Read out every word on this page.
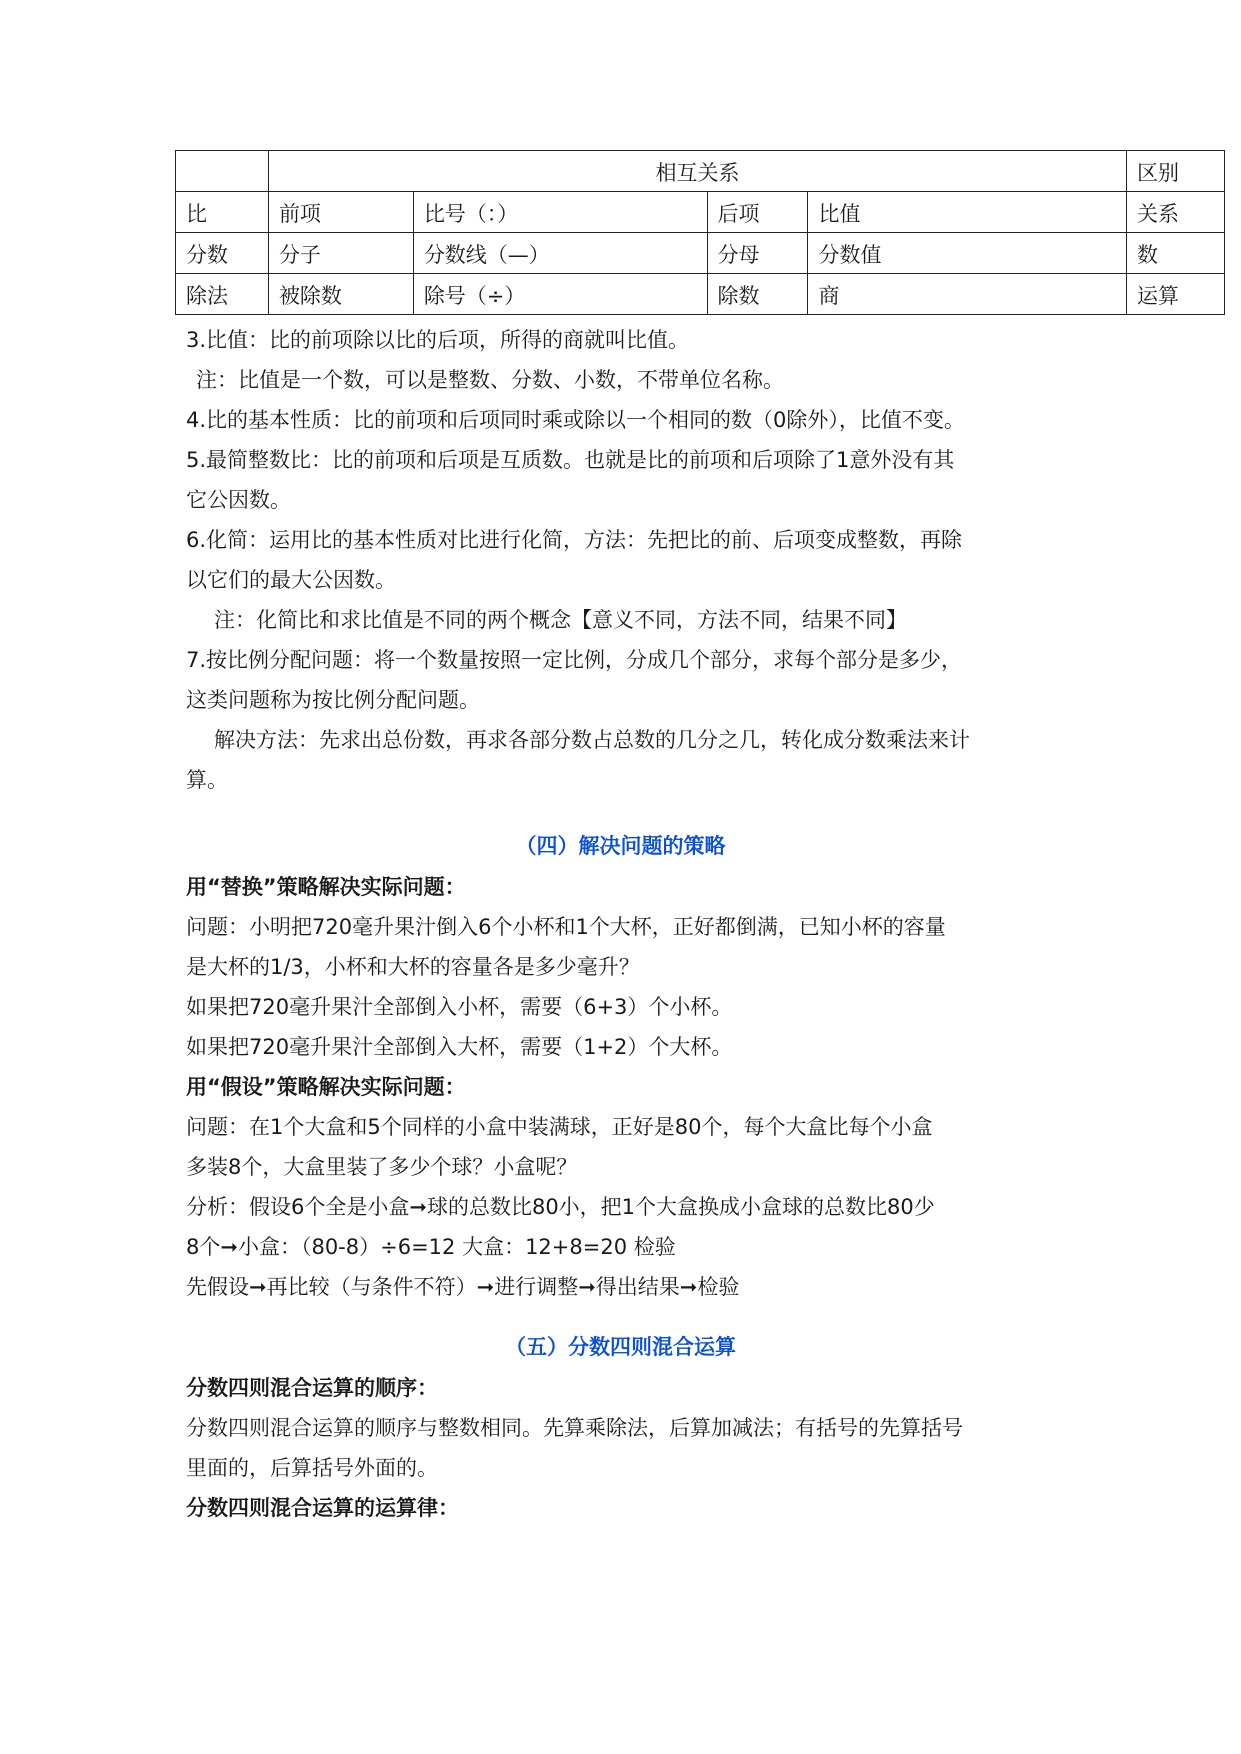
	相互关系				区别
比	前项	比号（：）	后项	比值	关系
分数	分子	分数线（—）	分母	分数值	数
除法	被除数	除号（÷）	除数	商	运算

3.比值：比的前项除以比的后项，所得的商就叫比值。

注：比值是一个数，可以是整数、分数、小数，不带单位名称。

4.比的基本性质：比的前项和后项同时乘或除以一个相同的数（0除外），比值不变。

5.最简整数比：比的前项和后项是互质数。也就是比的前项和后项除了1意外没有其

它公因数。

6.化简：运用比的基本性质对比进行化简，方法：先把比的前、后项变成整数，再除

以它们的最大公因数。

注：化简比和求比值是不同的两个概念【意义不同，方法不同，结果不同】

7.按比例分配问题：将一个数量按照一定比例，分成几个部分，求每个部分是多少，

这类问题称为按比例分配问题。

解决方法：先求出总份数，再求各部分数占总数的几分之几，转化成分数乘法来计

算。

（四）解决问题的策略

用“替换”策略解决实际问题：

问题：小明把720毫升果汁倒入6个小杯和1个大杯，正好都倒满，已知小杯的容量

是大杯的1/3，小杯和大杯的容量各是多少毫升？

如果把720毫升果汁全部倒入小杯，需要（6+3）个小杯。

如果把720毫升果汁全部倒入大杯，需要（1+2）个大杯。

用“假设”策略解决实际问题：

问题：在1个大盒和5个同样的小盒中装满球，正好是80个，每个大盒比每个小盒

多装8个，大盒里装了多少个球？小盒呢？

分析：假设6个全是小盒➞球的总数比80小，把1个大盒换成小盒球的总数比80少

8个➞小盒：（80-8）÷6=12 大盒：12+8=20 检验

先假设➞再比较（与条件不符）➞进行调整➞得出结果➞检验

（五）分数四则混合运算

分数四则混合运算的顺序：

分数四则混合运算的顺序与整数相同。先算乘除法，后算加减法；有括号的先算括号

里面的，后算括号外面的。

分数四则混合运算的运算律：
